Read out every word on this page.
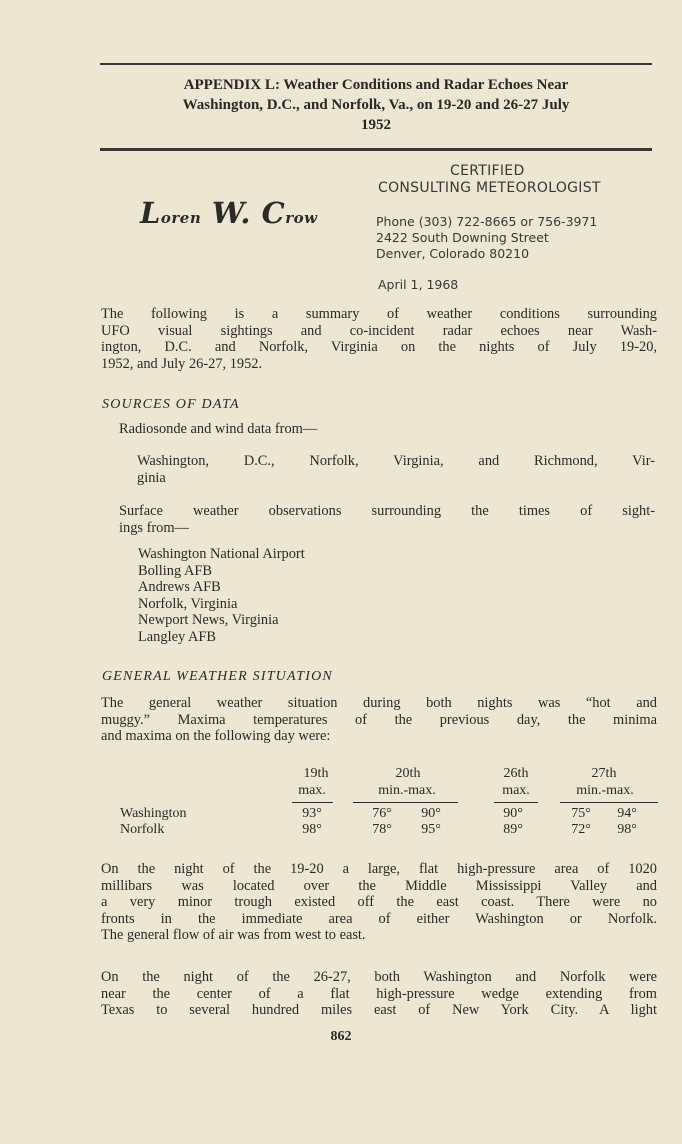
APPENDIX L: Weather Conditions and Radar Echoes Near
Washington, D.C., and Norfolk, Va., on 19-20 and 26-27 July
1952
CERTIFIED
CONSULTING METEOROLOGIST
Loren W. Crow	Phone (303) 722-8665 or 756-3971
2422 South Downing Street
Denver, Colorado 80210
April 1, 1968
The following is a summary of weather conditions surrounding
UFO visual sightings and co-incident radar echoes near Wash-
ington, D.C. and Norfolk, Virginia on the nights of July 19-20,
1952, and July 26-27, 1952.
SOURCES OF DATA
Radiosonde and wind data from—
Washington, D.C., Norfolk, Virginia, and Richmond, Vir-
ginia
Surface weather observations surrounding the times of sight-
ings from—
Washington National Airport
Bolling AFB
Andrews AFB
Norfolk, Virginia
Newport News, Virginia
Langley AFB
GENERAL WEATHER SITUATION
The general weather situation during both nights was “hot and
muggy.” Maxima temperatures of the previous day, the minima
and maxima on the following day were:
19th	20th	26th	27th
max.	min.-max.	max.	min.-max.
Washington	93°	76° 90°	90°	75° 94°
Norfolk	98°	78° 95°	89°	72° 98°
On the night of the 19-20 a large, flat high-pressure area of 1020
millibars was located over the Middle Mississippi Valley and
a very minor trough existed off the east coast. There were no
fronts in the immediate area of either Washington or Norfolk.
The general flow of air was from west to east.
On the night of the 26-27, both Washington and Norfolk were
near the center of a flat high-pressure wedge extending from
Texas to several hundred miles east of New York City. A light
862
